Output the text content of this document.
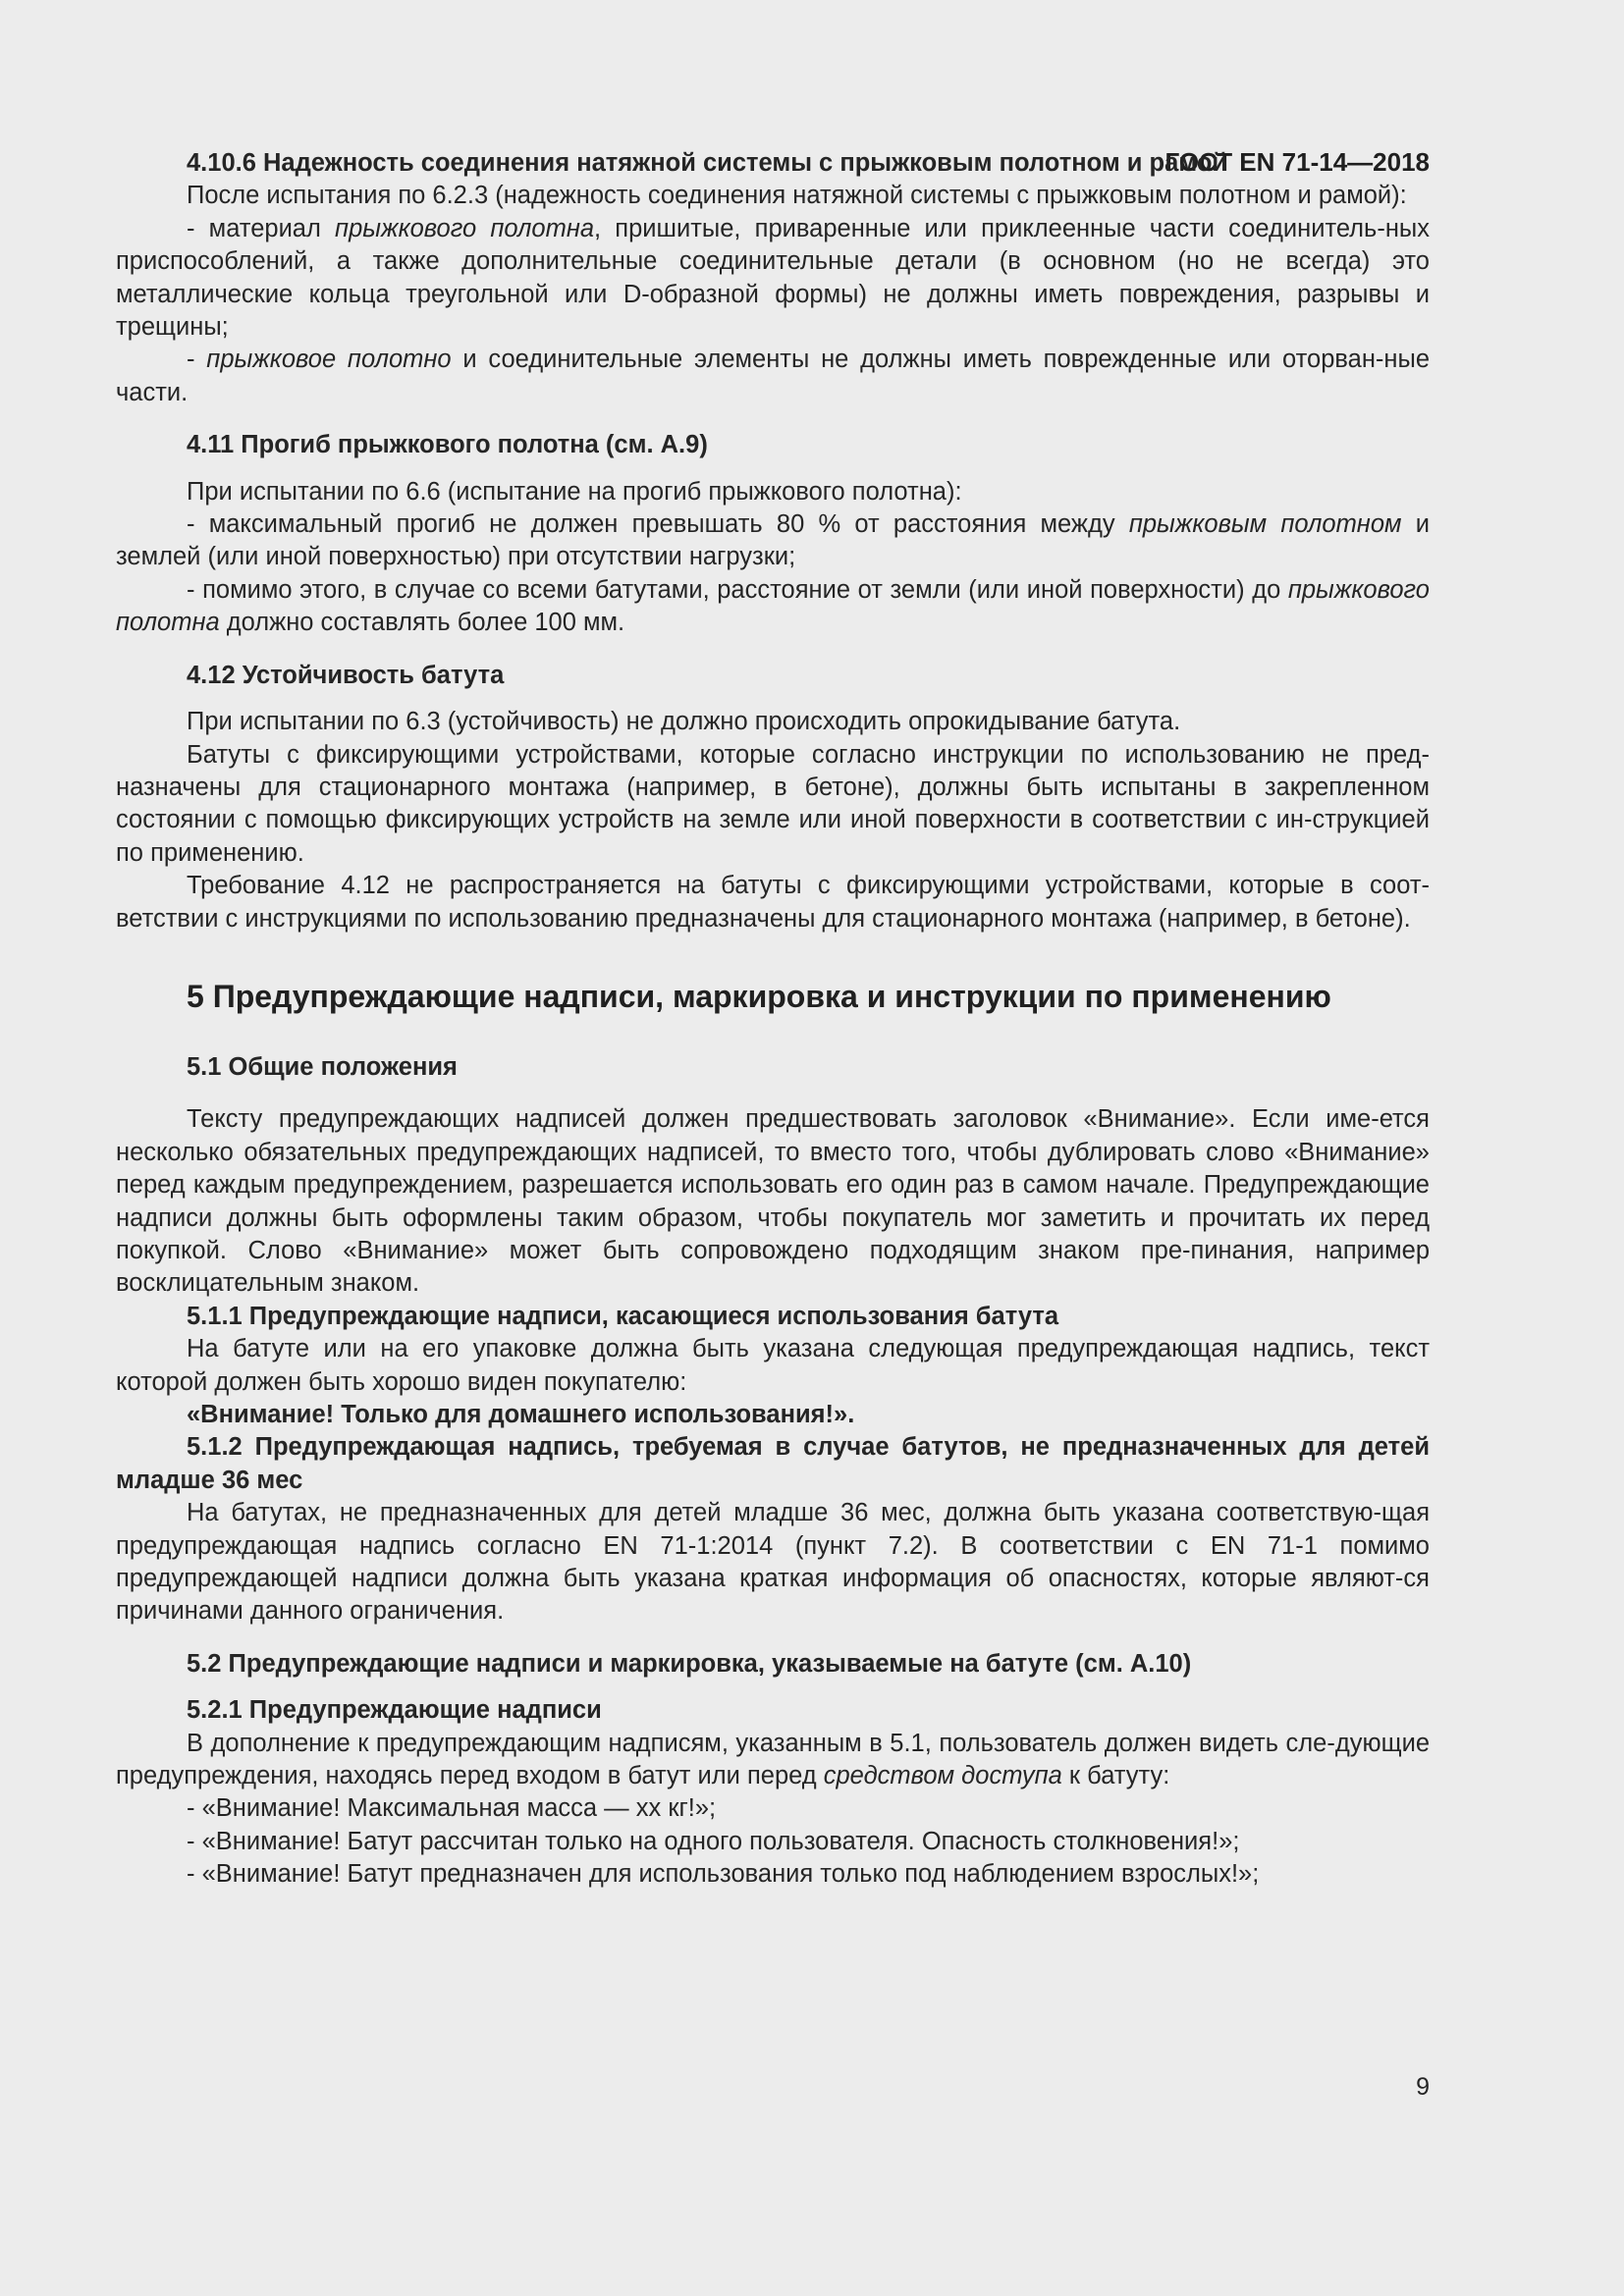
ГОСТ EN 71-14—2018

4.10.6 Надежность соединения натяжной системы с прыжковым полотном и рамой

После испытания по 6.2.3 (надежность соединения натяжной системы с прыжковым полотном и рамой):

- материал прыжкового полотна, пришитые, приваренные или приклеенные части соединитель-ных приспособлений, а также дополнительные соединительные детали (в основном (но не всегда) это металлические кольца треугольной или D-образной формы) не должны иметь повреждения, разрывы и трещины;

- прыжковое полотно и соединительные элементы не должны иметь поврежденные или оторван-ные части.

4.11 Прогиб прыжкового полотна (см. А.9)

При испытании по 6.6 (испытание на прогиб прыжкового полотна):

- максимальный прогиб не должен превышать 80 % от расстояния между прыжковым полотном и землей (или иной поверхностью) при отсутствии нагрузки;

- помимо этого, в случае со всеми батутами, расстояние от земли (или иной поверхности) до прыжкового полотна должно составлять более 100 мм.

4.12 Устойчивость батута

При испытании по 6.3 (устойчивость) не должно происходить опрокидывание батута.

Батуты с фиксирующими устройствами, которые согласно инструкции по использованию не пред-назначены для стационарного монтажа (например, в бетоне), должны быть испытаны в закрепленном состоянии с помощью фиксирующих устройств на земле или иной поверхности в соответствии с ин-струкцией по применению.

Требование 4.12 не распространяется на батуты с фиксирующими устройствами, которые в соот-ветствии с инструкциями по использованию предназначены для стационарного монтажа (например, в бетоне).

5 Предупреждающие надписи, маркировка и инструкции по применению

5.1 Общие положения

Тексту предупреждающих надписей должен предшествовать заголовок «Внимание». Если име-ется несколько обязательных предупреждающих надписей, то вместо того, чтобы дублировать слово «Внимание» перед каждым предупреждением, разрешается использовать его один раз в самом начале. Предупреждающие надписи должны быть оформлены таким образом, чтобы покупатель мог заметить и прочитать их перед покупкой. Слово «Внимание» может быть сопровождено подходящим знаком пре-пинания, например восклицательным знаком.

5.1.1 Предупреждающие надписи, касающиеся использования батута

На батуте или на его упаковке должна быть указана следующая предупреждающая надпись, текст которой должен быть хорошо виден покупателю:

«Внимание! Только для домашнего использования!».

5.1.2 Предупреждающая надпись, требуемая в случае батутов, не предназначенных для детей младше 36 мес

На батутах, не предназначенных для детей младше 36 мес, должна быть указана соответствую-щая предупреждающая надпись согласно EN 71-1:2014 (пункт 7.2). В соответствии с EN 71-1 помимо предупреждающей надписи должна быть указана краткая информация об опасностях, которые являют-ся причинами данного ограничения.

5.2 Предупреждающие надписи и маркировка, указываемые на батуте (см. А.10)

5.2.1 Предупреждающие надписи

В дополнение к предупреждающим надписям, указанным в 5.1, пользователь должен видеть сле-дующие предупреждения, находясь перед входом в батут или перед средством доступа к батуту:

- «Внимание! Максимальная масса — хх кг!»;

- «Внимание! Батут рассчитан только на одного пользователя. Опасность столкновения!»;

- «Внимание! Батут предназначен для использования только под наблюдением взрослых!»;

9
